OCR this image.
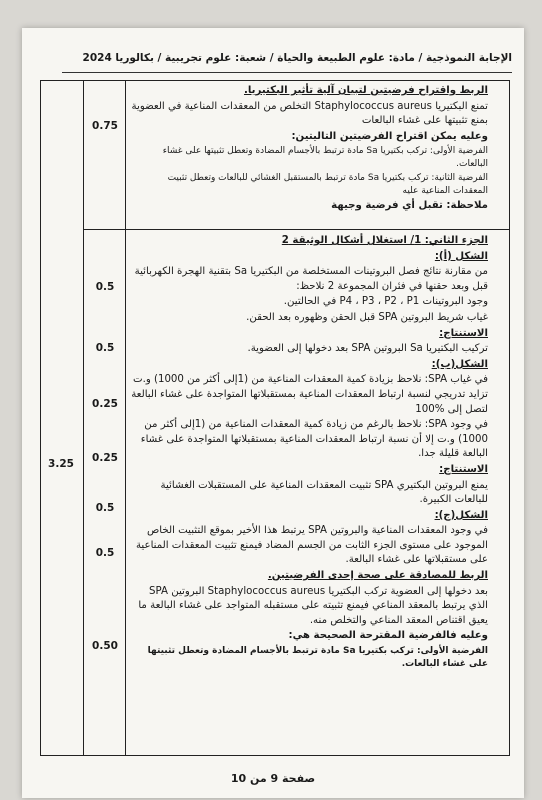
الإجابة النموذجية / مادة: علوم الطبيعة والحياة / شعبة: علوم تجريبية / بكالوريا 2024

الربط واقتراح فرضيتين لتبيان آلية تأثير البكتيريا.

تمنع البكتيريا Staphylococcus aureus التخلص من المعقدات المناعية في العضوية بمنع تثبيتها على غشاء البالعات

وعليه يمكن اقتراح الفرضيتين التاليتين:

الفرضية الأولى: تركب بكتيريا Sa مادة ترتبط بالأجسام المضادة وتعطل تثبيتها على غشاء البالعات.

الفرضية الثانية: تركب بكتيريا Sa مادة ترتبط بالمستقبل الغشائي للبالعات وتعطل تثبيت المعقدات المناعية عليه

ملاحظة: تقبل أي فرضية وجيهة

0.75

الجزء الثاني: 1/ استغلال أشكال الوثيقة 2

الشكل (أ):

من مقارنة نتائج فصل البروتينات المستخلصة من البكتيريا Sa بتقنية الهجرة الكهربائية قبل وبعد حقنها في فئران المجموعة 2 نلاحظ:

وجود البروتينات P4 ، P3 ، P2 ، P1 في الحالتين.

غياب شريط البروتين SPA قبل الحقن وظهوره بعد الحقن.

الاستنتاج:

تركيب البكتيريا Sa البروتين SPA بعد دخولها إلى العضوية.

الشكل(ب):

في غياب SPA: نلاحظ بزيادة كمية المعقدات المناعية من (1إلى أكثر من 1000) و.ت تزايد تدريجي لنسبة ارتباط المعقدات المناعية بمستقبلاتها المتواجدة على غشاء البالعة لتصل إلى %100

في وجود SPA: نلاحظ بالرغم من زيادة كمية المعقدات المناعية من (1إلى أكثر من 1000) و.ت إلا أن نسبة ارتباط المعقدات المناعية بمستقبلاتها المتواجدة على غشاء البالعة قليلة جدا.

الاستنتاج:

يمنع البروتين البكتيري SPA تثبيت المعقدات المناعية على المستقبلات الغشائية للبالعات الكبيرة.

الشكل(ج):

في وجود المعقدات المناعية والبروتين SPA يرتبط هذا الأخير بموقع التثبيت الخاص الموجود على مستوى الجزء الثابت من الجسم المضاد فيمنع تثبيت المعقدات المناعية على مستقبلاتها على غشاء البالعة.

الربط للمصادقة على صحة إحدى الفرضيتين.

بعد دخولها إلى العضوية تركب البكتيريا Staphylococcus aureus البروتين SPA الذي يرتبط بالمعقد المناعي فيمنع تثبيته على مستقبله المتواجد على غشاء البالعة ما يعيق اقتناص المعقد المناعي والتخلص منه.

وعليه فالفرضية المقترحة الصحيحة هي:

الفرضية الأولى: تركب بكتيريا Sa مادة ترتبط بالأجسام المضادة وتعطل تثبيتها على غشاء البالعات.

0.5
0.5
0.25
0.25
0.5
0.5
0.50
3.25
صفحة 9 من 10
